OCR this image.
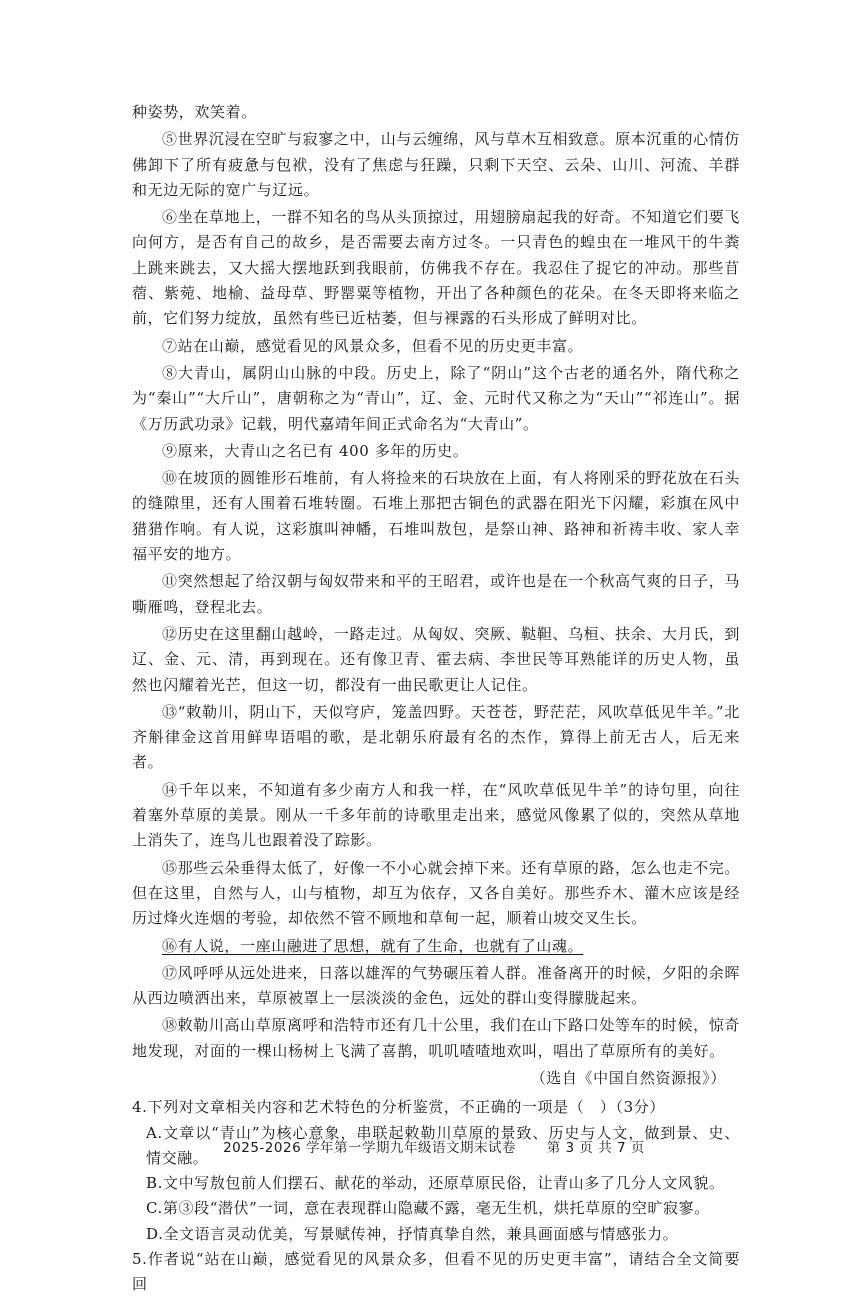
种姿势，欢笑着。

⑤世界沉浸在空旷与寂寥之中，山与云缠绵，风与草木互相致意。原本沉重的心情仿佛卸下了所有疲惫与包袱，没有了焦虑与狂躁，只剩下天空、云朵、山川、河流、羊群和无边无际的宽广与辽远。

⑥坐在草地上，一群不知名的鸟从头顶掠过，用翅膀扇起我的好奇。不知道它们要飞向何方，是否有自己的故乡，是否需要去南方过冬。一只青色的蝗虫在一堆风干的牛粪上跳来跳去，又大摇大摆地跃到我眼前，仿佛我不存在。我忍住了捉它的冲动。那些苜蓿、紫菀、地榆、益母草、野罂粟等植物，开出了各种颜色的花朵。在冬天即将来临之前，它们努力绽放，虽然有些已近枯萎，但与裸露的石头形成了鲜明对比。

⑦站在山巅，感觉看见的风景众多，但看不见的历史更丰富。

⑧大青山，属阴山山脉的中段。历史上，除了“阴山”这个古老的通名外，隋代称之为“秦山”“大斤山”，唐朝称之为“青山”，辽、金、元时代又称之为“天山”“祁连山”。据《万历武功录》记载，明代嘉靖年间正式命名为“大青山”。

⑨原来，大青山之名已有 400 多年的历史。

⑩在坡顶的圆锥形石堆前，有人将捡来的石块放在上面，有人将刚采的野花放在石头的缝隙里，还有人围着石堆转圈。石堆上那把古铜色的武器在阳光下闪耀，彩旗在风中猎猎作响。有人说，这彩旗叫神幡，石堆叫敖包，是祭山神、路神和祈祷丰收、家人幸福平安的地方。

⑪突然想起了给汉朝与匈奴带来和平的王昭君，或许也是在一个秋高气爽的日子，马嘶雁鸣，登程北去。

⑫历史在这里翻山越岭，一路走过。从匈奴、突厥、鞑靼、乌桓、扶余、大月氏，到辽、金、元、清，再到现在。还有像卫青、霍去病、李世民等耳熟能详的历史人物，虽然也闪耀着光芒，但这一切，都没有一曲民歌更让人记住。

⑬“敕勒川，阴山下，天似穹庐，笼盖四野。天苍苍，野茫茫，风吹草低见牛羊。”北齐斛律金这首用鲜卑语唱的歌，是北朝乐府最有名的杰作，算得上前无古人，后无来者。

⑭千年以来，不知道有多少南方人和我一样，在“风吹草低见牛羊”的诗句里，向往着塞外草原的美景。刚从一千多年前的诗歌里走出来，感觉风像累了似的，突然从草地上消失了，连鸟儿也跟着没了踪影。

⑮那些云朵垂得太低了，好像一不小心就会掉下来。还有草原的路，怎么也走不完。但在这里，自然与人，山与植物，却互为依存，又各自美好。那些乔木、灌木应该是经历过烽火连烟的考验，却依然不管不顾地和草甸一起，顺着山坡交叉生长。

⑯有人说，一座山融进了思想，就有了生命，也就有了山魂。

⑰风呼呼从远处进来，日落以雄浑的气势碾压着人群。准备离开的时候，夕阳的余晖从西边喷洒出来，草原被罩上一层淡淡的金色，远处的群山变得朦胧起来。

⑱敕勒川高山草原离呼和浩特市还有几十公里，我们在山下路口处等车的时候，惊奇地发现，对面的一棵山杨树上飞满了喜鹊，叽叽喳喳地欢叫，唱出了草原所有的美好。

（选自《中国自然资源报》）

4.下列对文章相关内容和艺术特色的分析鉴赏，不正确的一项是（　）（3分）

A.文章以“青山”为核心意象，串联起敕勒川草原的景致、历史与人文，做到景、史、情交融。

B.文中写敖包前人们摆石、献花的举动，还原草原民俗，让青山多了几分人文风貌。

C.第③段“潜伏”一词，意在表现群山隐藏不露，毫无生机，烘托草原的空旷寂寥。

D.全文语言灵动优美，写景赋传神，抒情真挚自然，兼具画面感与情感张力。

5.作者说“站在山巅，感觉看见的风景众多，但看不见的历史更丰富”，请结合全文简要回

2025-2026 学年第一学期九年级语文期末试卷 第 3 页 共 7 页
